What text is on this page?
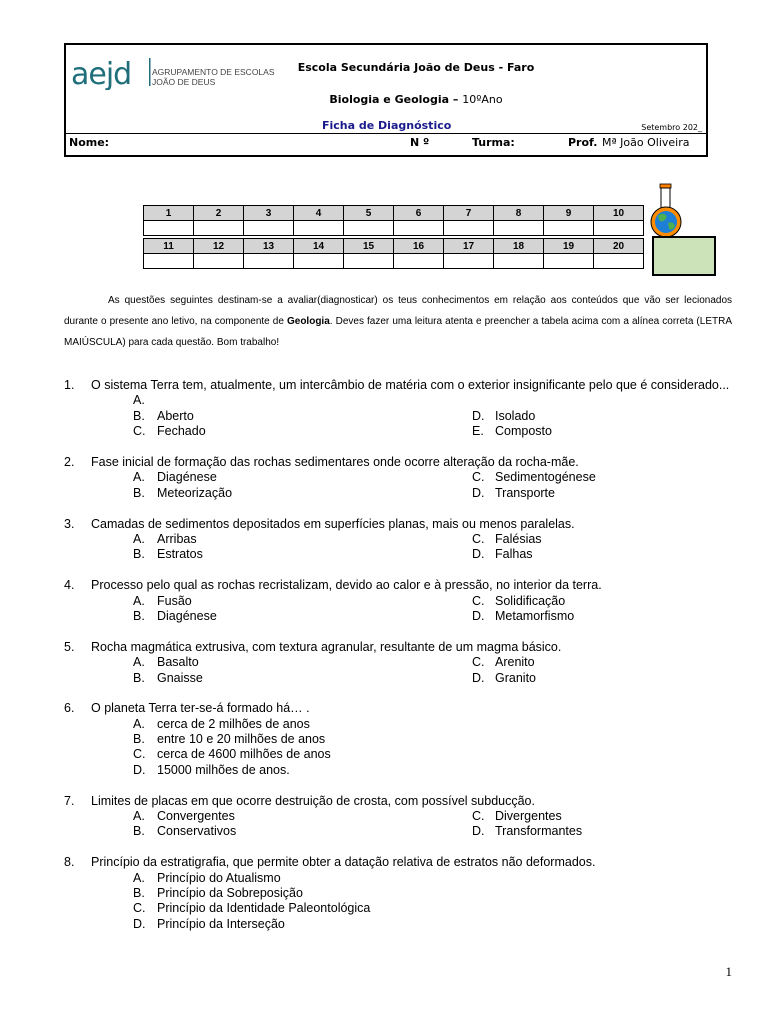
aejd AGRUPAMENTO DE ESCOLAS
JOÃO DE DEUS
Escola Secundária João de Deus - Faro
Biologia e Geologia – 10ºAno
Ficha de Diagnóstico	Setembro 202_
Nome:	N º	Turma:	Prof. Mª João Oliveira
1	2	3	4	5	6	7	8	9	10

11	12	13	14	15	16	17	18	19	20

As questões seguintes destinam-se a avaliar(diagnosticar) os teus conhecimentos em relação aos conteúdos que vão ser lecionados durante o presente ano letivo, na componente de Geologia. Deves fazer uma leitura atenta e preencher a tabela acima com a alínea correta (LETRA MAIÚSCULA) para cada questão. Bom trabalho!
1. O sistema Terra tem, atualmente, um intercâmbio de matéria com o exterior insignificante pelo que é considerado...
A.
B. Aberto	D. Isolado
C. Fechado	E. Composto
2. Fase inicial de formação das rochas sedimentares onde ocorre alteração da rocha-mãe.
A. Diagénese	C. Sedimentogénese
B. Meteorização	D. Transporte
3. Camadas de sedimentos depositados em superfícies planas, mais ou menos paralelas.
A. Arribas	C. Falésias
B. Estratos	D. Falhas
4. Processo pelo qual as rochas recristalizam, devido ao calor e à pressão, no interior da terra.
A. Fusão	C. Solidificação
B. Diagénese	D. Metamorfismo
5. Rocha magmática extrusiva, com textura agranular, resultante de um magma básico.
A. Basalto	C. Arenito
B. Gnaisse	D. Granito
6. O planeta Terra ter-se-á formado há… .
A. cerca de 2 milhões de anos
B. entre 10 e 20 milhões de anos
C. cerca de 4600 milhões de anos
D. 15000 milhões de anos.
7. Limites de placas em que ocorre destruição de crosta, com possível subducção.
A. Convergentes	C. Divergentes
B. Conservativos	D. Transformantes
8. Princípio da estratigrafia, que permite obter a datação relativa de estratos não deformados.
A. Princípio do Atualismo
B. Princípio da Sobreposição
C. Princípio da Identidade Paleontológica
D. Princípio da Interseção
1
